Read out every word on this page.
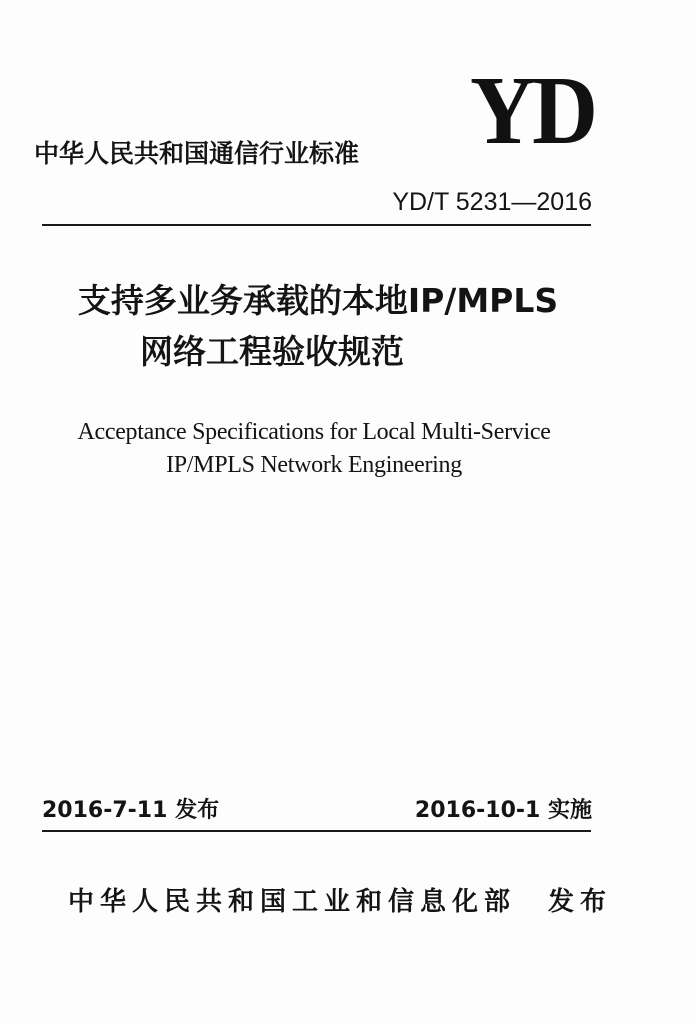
YD
中华人民共和国通信行业标准
YD/T 5231—2016
支持多业务承载的本地IP/MPLS
网络工程验收规范
Acceptance Specifications for Local Multi-Service
IP/MPLS Network Engineering
2016-7-11 发布	2016-10-1 实施
中华人民共和国工业和信息化部　发布
